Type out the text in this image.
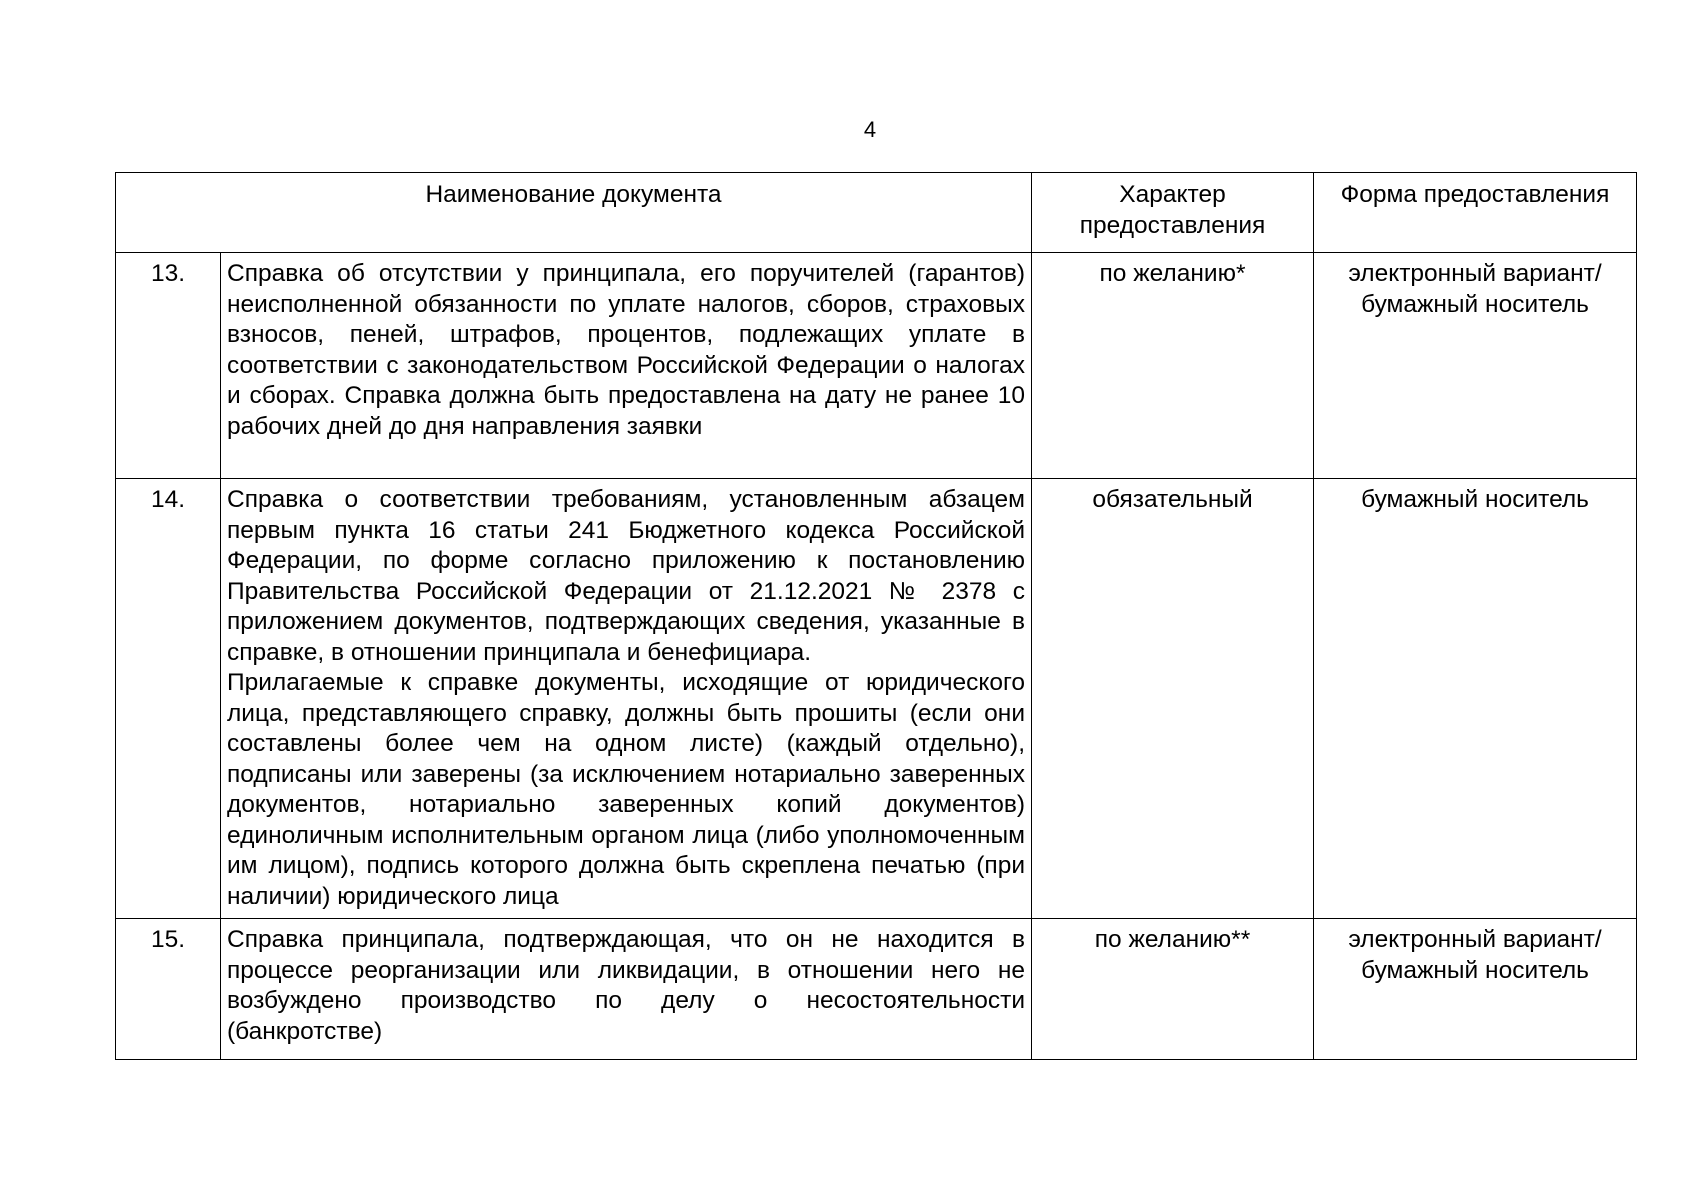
4
Наименование документа		Характер предоставления	Форма предоставления
13.	Справка об отсутствии у принципала, его поручителей (гарантов) неисполненной обязанности по уплате налогов, сборов, страховых взносов, пеней, штрафов, процентов, подлежащих уплате в соответствии с законодательством Российской Федерации о налогах и сборах. Справка должна быть предоставлена на дату не ранее 10 рабочих дней до дня направления заявки	по желанию*	электронный вариант/ бумажный носитель
14.	Справка о соответствии требованиям, установленным абзацем первым пункта 16 статьи 241 Бюджетного кодекса Российской Федерации, по форме согласно приложению к постановлению Правительства Российской Федерации от 21.12.2021 № 2378 с приложением документов, подтверждающих сведения, указанные в справке, в отношении принципала и бенефициара.

Прилагаемые к справке документы, исходящие от юридического лица, представляющего справку, должны быть прошиты (если они составлены более чем на одном листе) (каждый отдельно), подписаны или заверены (за исключением нотариально заверенных документов, нотариально заверенных копий документов) единоличным исполнительным органом лица (либо уполномоченным им лицом), подпись которого должна быть скреплена печатью (при наличии) юридического лица	обязательный	бумажный носитель
15.	Справка принципала, подтверждающая, что он не находится в процессе реорганизации или ликвидации, в отношении него не возбуждено производство по делу о несостоятельности (банкротстве)	по желанию**	электронный вариант/ бумажный носитель
